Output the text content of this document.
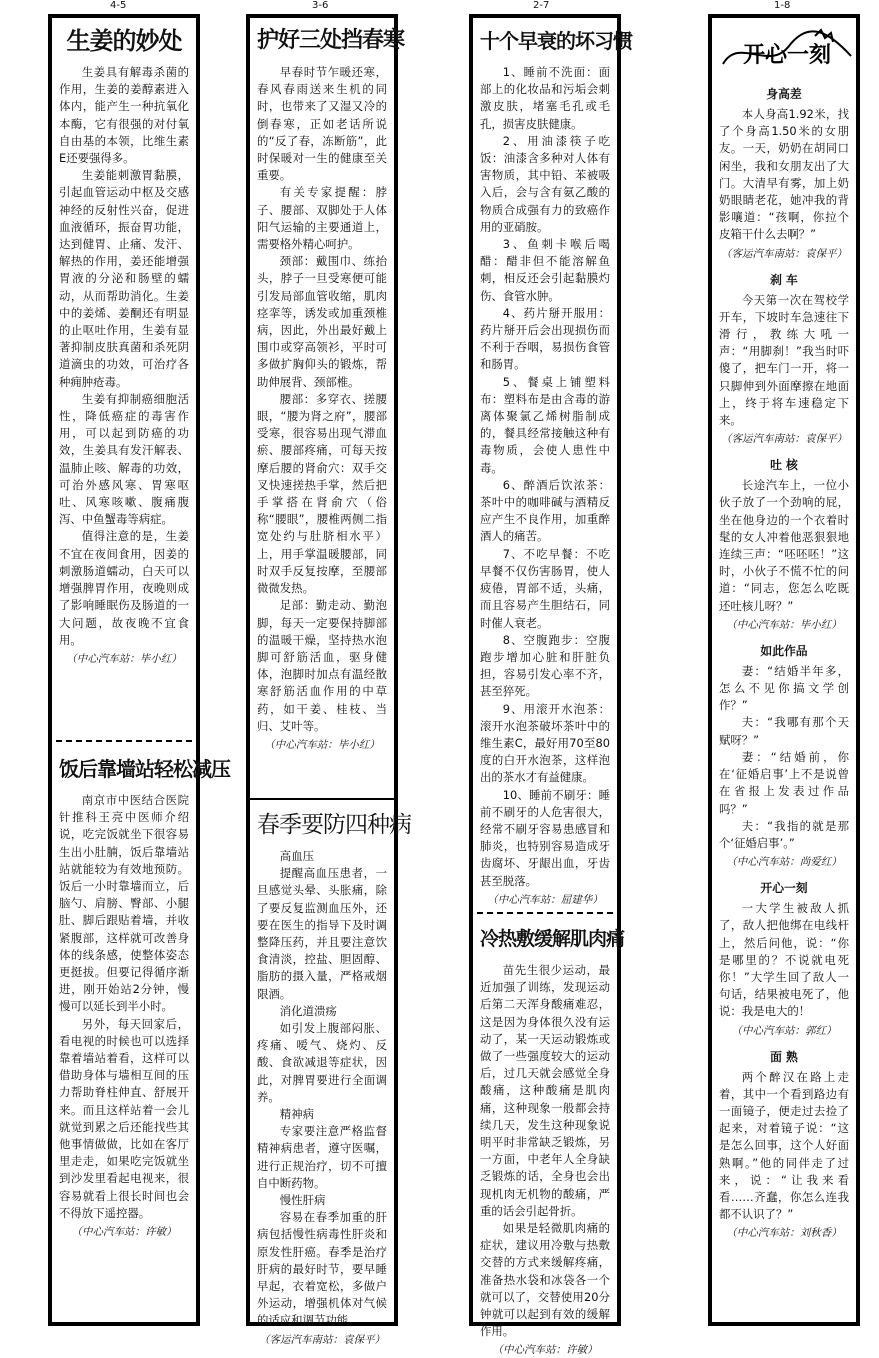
4-5	3-6	2-7	1-8
生姜的妙处

生姜具有解毒杀菌的作用，生姜的姜醇素进入体内，能产生一种抗氧化本酶，它有很强的对付氧自由基的本领，比维生素E还要强得多。

生姜能刺激胃黏膜，引起血管运动中枢及交感神经的反射性兴奋，促进血液循环，振奋胃功能，达到健胃、止痛、发汗、解热的作用，姜还能增强胃液的分泌和肠壁的蠕动，从而帮助消化。生姜中的姜烯、姜酮还有明显的止呕吐作用，生姜有显著抑制皮肤真菌和杀死阴道滴虫的功效，可治疗各种痈肿疮毒。

生姜有抑制癌细胞活性，降低癌症的毒害作用，可以起到防癌的功效，生姜具有发汗解表、温肺止咳、解毒的功效，可治外感风寒、胃寒呕吐、风寒咳嗽、腹痛腹泻、中鱼蟹毒等病症。

值得注意的是，生姜不宜在夜间食用，因姜的刺激肠道蠕动，白天可以增强脾胃作用，夜晚则成了影响睡眠伤及肠道的一大问题，故夜晚不宜食用。

（中心汽车站：毕小红）
饭后靠墙站轻松减压

南京市中医结合医院针推科王亮中医师介绍说，吃完饭就坐下很容易生出小肚腩，饭后靠墙站站就能较为有效地预防。饭后一小时靠墙而立，后脑勺、肩膀、臀部、小腿肚、脚后跟贴着墙，并收紧腹部，这样就可改善身体的线条感，使整体姿态更挺拔。但要记得循序渐进，刚开始站2分钟，慢慢可以延长到半小时。

另外，每天回家后，看电视的时候也可以选择靠着墙站着看，这样可以借助身体与墙相互间的压力帮助脊柱伸直、舒展开来。而且这样站着一会儿就觉到累之后还能找些其他事情做做，比如在客厅里走走，如果吃完饭就坐到沙发里看起电视来，很容易就看上很长时间也会不得放下遥控器。

（中心汽车站：许敏）
护好三处挡春寒

早春时节乍暖还寒，春风春雨送来生机的同时，也带来了又湿又冷的倒春寒，正如老话所说的“反了春，冻断筋”，此时保暖对一生的健康至关重要。

有关专家提醒：脖子、腰部、双脚处于人体阳气运输的主要通道上，需要格外精心呵护。

颈部：戴围巾、练抬头，脖子一旦受寒便可能引发局部血管收缩，肌肉痉挛等，诱发或加重颈椎病，因此，外出最好戴上围巾或穿高领衫，平时可多做扩胸仰头的锻炼，帮助伸展背、颈部椎。

腰部：多穿衣、搓腰眼，“腰为肾之府”，腰部受寒，很容易出现气滞血瘀、腰部疼痛，可每天按摩后腰的肾俞穴：双手交叉快速搓热手掌，然后把手掌搭在肾俞穴（俗称“腰眼”，腰椎两侧二指宽处约与肚脐相水平）上，用手掌温暖腰部，同时双手反复按摩，至腰部微微发热。

足部：勤走动、勤泡脚，每天一定要保持脚部的温暖干燥，坚持热水泡脚可舒筋活血，驱身健体，泡脚时加点有温经散寒舒筋活血作用的中草药，如干姜、桂枝、当归、艾叶等。

（中心汽车站：毕小红）
春季要防四种病
高血压

提醒高血压患者，一旦感觉头晕、头胀痛，除了要反复监测血压外，还要在医生的指导下及时调整降压药，并且要注意饮食清淡，控盐、胆固醇、脂肪的摄入量，严格戒烟限酒。

消化道溃疡

如引发上腹部闷胀、疼痛、嗳气、烧灼、反酸、食欲减退等症状，因此，对脾胃要进行全面调养。

精神病

专家要注意严格监督精神病患者，遵守医嘱，进行正规治疗，切不可擅自中断药物。

慢性肝病

容易在春季加重的肝病包括慢性病毒性肝炎和原发性肝癌。春季是治疗肝病的最好时节，要早睡早起，衣着宽松，多做户外运动，增强机体对气候的适应和调节功能。

（客运汽车南站：袁保平）
十个早衰的坏习惯

1、睡前不洗面：面部上的化妆品和污垢会刺激皮肤，堵塞毛孔或毛孔，损害皮肤健康。

2、用油漆筷子吃饭：油漆含多种对人体有害物质，其中铅、苯被吸入后，会与含有氨乙酸的物质合成强有力的致癌作用的亚硝胺。

3、鱼刺卡喉后喝醋：醋非但不能溶解鱼刺，相反还会引起黏膜灼伤、食管水肿。

4、药片掰开服用：药片掰开后会出现损伤而不利于吞咽，易损伤食管和肠胃。

5、餐桌上铺塑料布：塑料布是由含毒的游离体聚氯乙烯树脂制成的，餐具经常接触这种有毒物质，会使人患性中毒。

6、醉酒后饮浓茶：茶叶中的咖啡碱与酒精反应产生不良作用，加重醉酒人的痛苦。

7、不吃早餐：不吃早餐不仅伤害肠胃，使人疲倦，胃部不适，头痛，而且容易产生胆结石，同时催人衰老。

8、空腹跑步：空腹跑步增加心脏和肝脏负担，容易引发心率不齐，甚至猝死。

9、用滚开水泡茶：滚开水泡茶破坏茶叶中的维生素C，最好用70至80度的白开水泡茶，这样泡出的茶水才有益健康。

10、睡前不刷牙：睡前不刷牙的人危害很大，经常不刷牙容易患感冒和肺炎，也特别容易造成牙齿腐坏、牙龈出血，牙齿甚至脱落。

（中心汽车站：屈建华）
冷热敷缓解肌肉痛

苗先生很少运动，最近加强了训练，发现运动后第二天浑身酸痛难忍，这是因为身体很久没有运动了，某一天运动锻炼或做了一些强度较大的运动后，过几天就会感觉全身酸痛，这种酸痛是肌肉痛，这种现象一般都会持续几天，发生这种现象说明平时非常缺乏锻炼，另一方面，中老年人全身缺乏锻炼的话，全身也会出现机肉无机物的酸痛，严重的话会引起骨折。

如果是轻微肌肉痛的症状，建议用冷敷与热敷交替的方式来缓解疼痛，准备热水袋和冰袋各一个就可以了，交替使用20分钟就可以起到有效的缓解作用。

（中心汽车站：许敏）
开心一刻
身高差

本人身高1.92米，找了个身高1.50米的女朋友。一天，奶奶在胡同口闲坐，我和女朋友出了大门。大清早有雾，加上奶奶眼睛老花，她冲我的背影嚷道：“孩啊，你拉个皮箱干什么去啊？”

（客运汽车南站：袁保平）
刹 车

今天第一次在驾校学开车，下坡时车急速往下滑行，教练大吼一声：“用脚刹！”我当时吓傻了，把车门一开，将一只脚伸到外面摩擦在地面上，终于将车速稳定下来。

（客运汽车南站：袁保平）
吐 核

长途汽车上，一位小伙子放了一个劲响的屁，坐在他身边的一个衣着时髦的女人冲着他恶狠狠地连续三声：“呸呸呸！”这时，小伙子不慌不忙的问道：“同志，您怎么吃既还吐核儿呀？”

（中心汽车站：毕小红）
如此作品

妻：“结婚半年多，怎么不见你搞文学创作？”

夫：“我哪有那个天赋呀？”

妻：“结婚前，你在‘征婚启事’上不是说曾在省报上发表过作品吗？”

夫：“我指的就是那个‘征婚启事’。”

（中心汽车站：尚爱红）
开心一刻

一大学生被敌人抓了，敌人把他绑在电线杆上，然后问他，说：“你是哪里的？不说就电死你！”大学生回了敌人一句话，结果被电死了，他说：我是电大的！

（中心汽车站：郭红）
面 熟

两个醉汉在路上走着，其中一个看到路边有一面镜子，便走过去捡了起来，对着镜子说：“这是怎么回事，这个人好面熟啊。”他的同伴走了过来，说：“让我来看看……齐蠢，你怎么连我都不认识了？”

（中心汽车站：刘秋香）
